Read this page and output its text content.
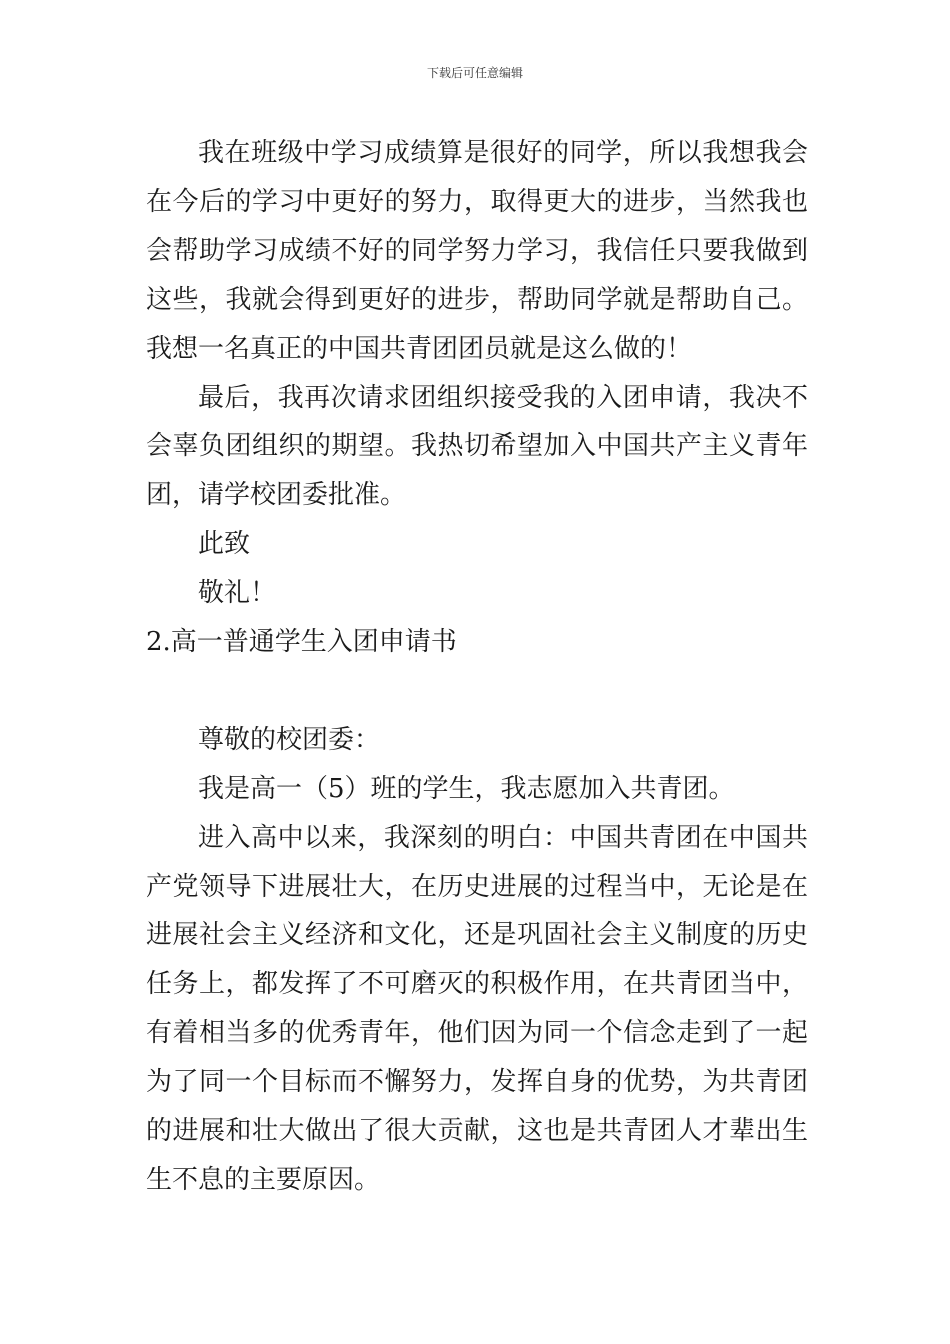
下载后可任意编辑

我在班级中学习成绩算是很好的同学，所以我想我会在今后的学习中更好的努力，取得更大的进步，当然我也会帮助学习成绩不好的同学努力学习，我信任只要我做到这些，我就会得到更好的进步，帮助同学就是帮助自己。我想一名真正的中国共青团团员就是这么做的！

最后，我再次请求团组织接受我的入团申请，我决不会辜负团组织的期望。我热切希望加入中国共产主义青年团，请学校团委批准。

此致

敬礼！

2.高一普通学生入团申请书

尊敬的校团委：

我是高一（5）班的学生，我志愿加入共青团。

进入高中以来，我深刻的明白：中国共青团在中国共产党领导下进展壮大，在历史进展的过程当中，无论是在进展社会主义经济和文化，还是巩固社会主义制度的历史任务上，都发挥了不可磨灭的积极作用，在共青团当中，有着相当多的优秀青年，他们因为同一个信念走到了一起为了同一个目标而不懈努力，发挥自身的优势，为共青团的进展和壮大做出了很大贡献，这也是共青团人才辈出生生不息的主要原因。
